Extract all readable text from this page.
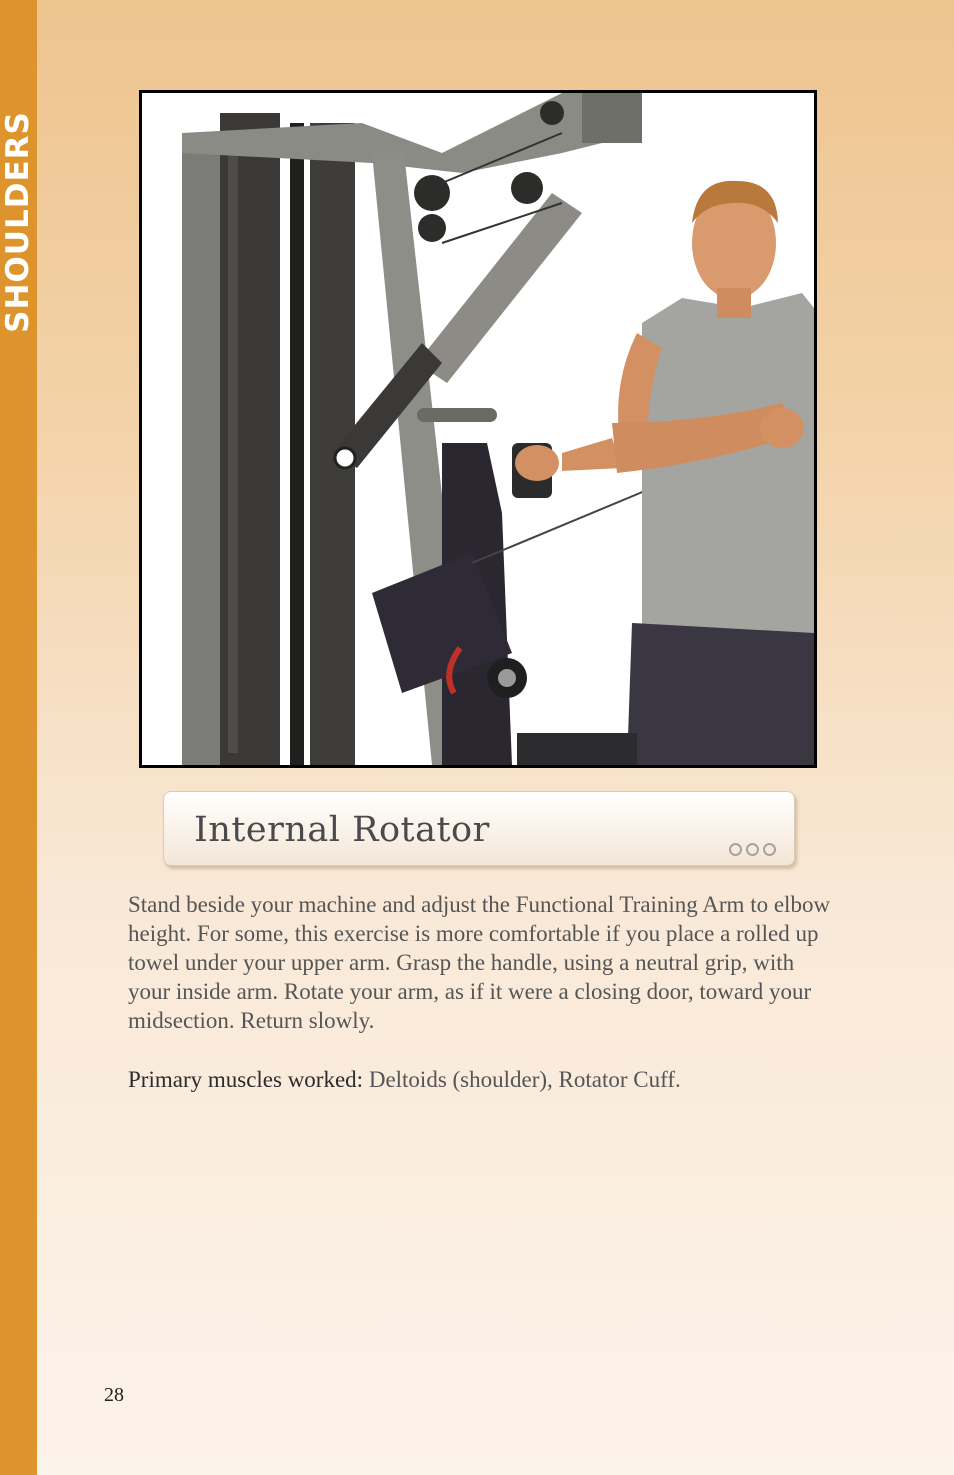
SHOULDERS
Internal Rotator

Stand beside your machine and adjust the Functional Training Arm to elbow height. For some, this exercise is more comfortable if you place a rolled up towel under your upper arm. Grasp the handle, using a neutral grip, with your inside arm. Rotate your arm, as if it were a closing door, toward your midsection. Return slowly.

Primary muscles worked: Deltoids (shoulder), Rotator Cuff.

28
